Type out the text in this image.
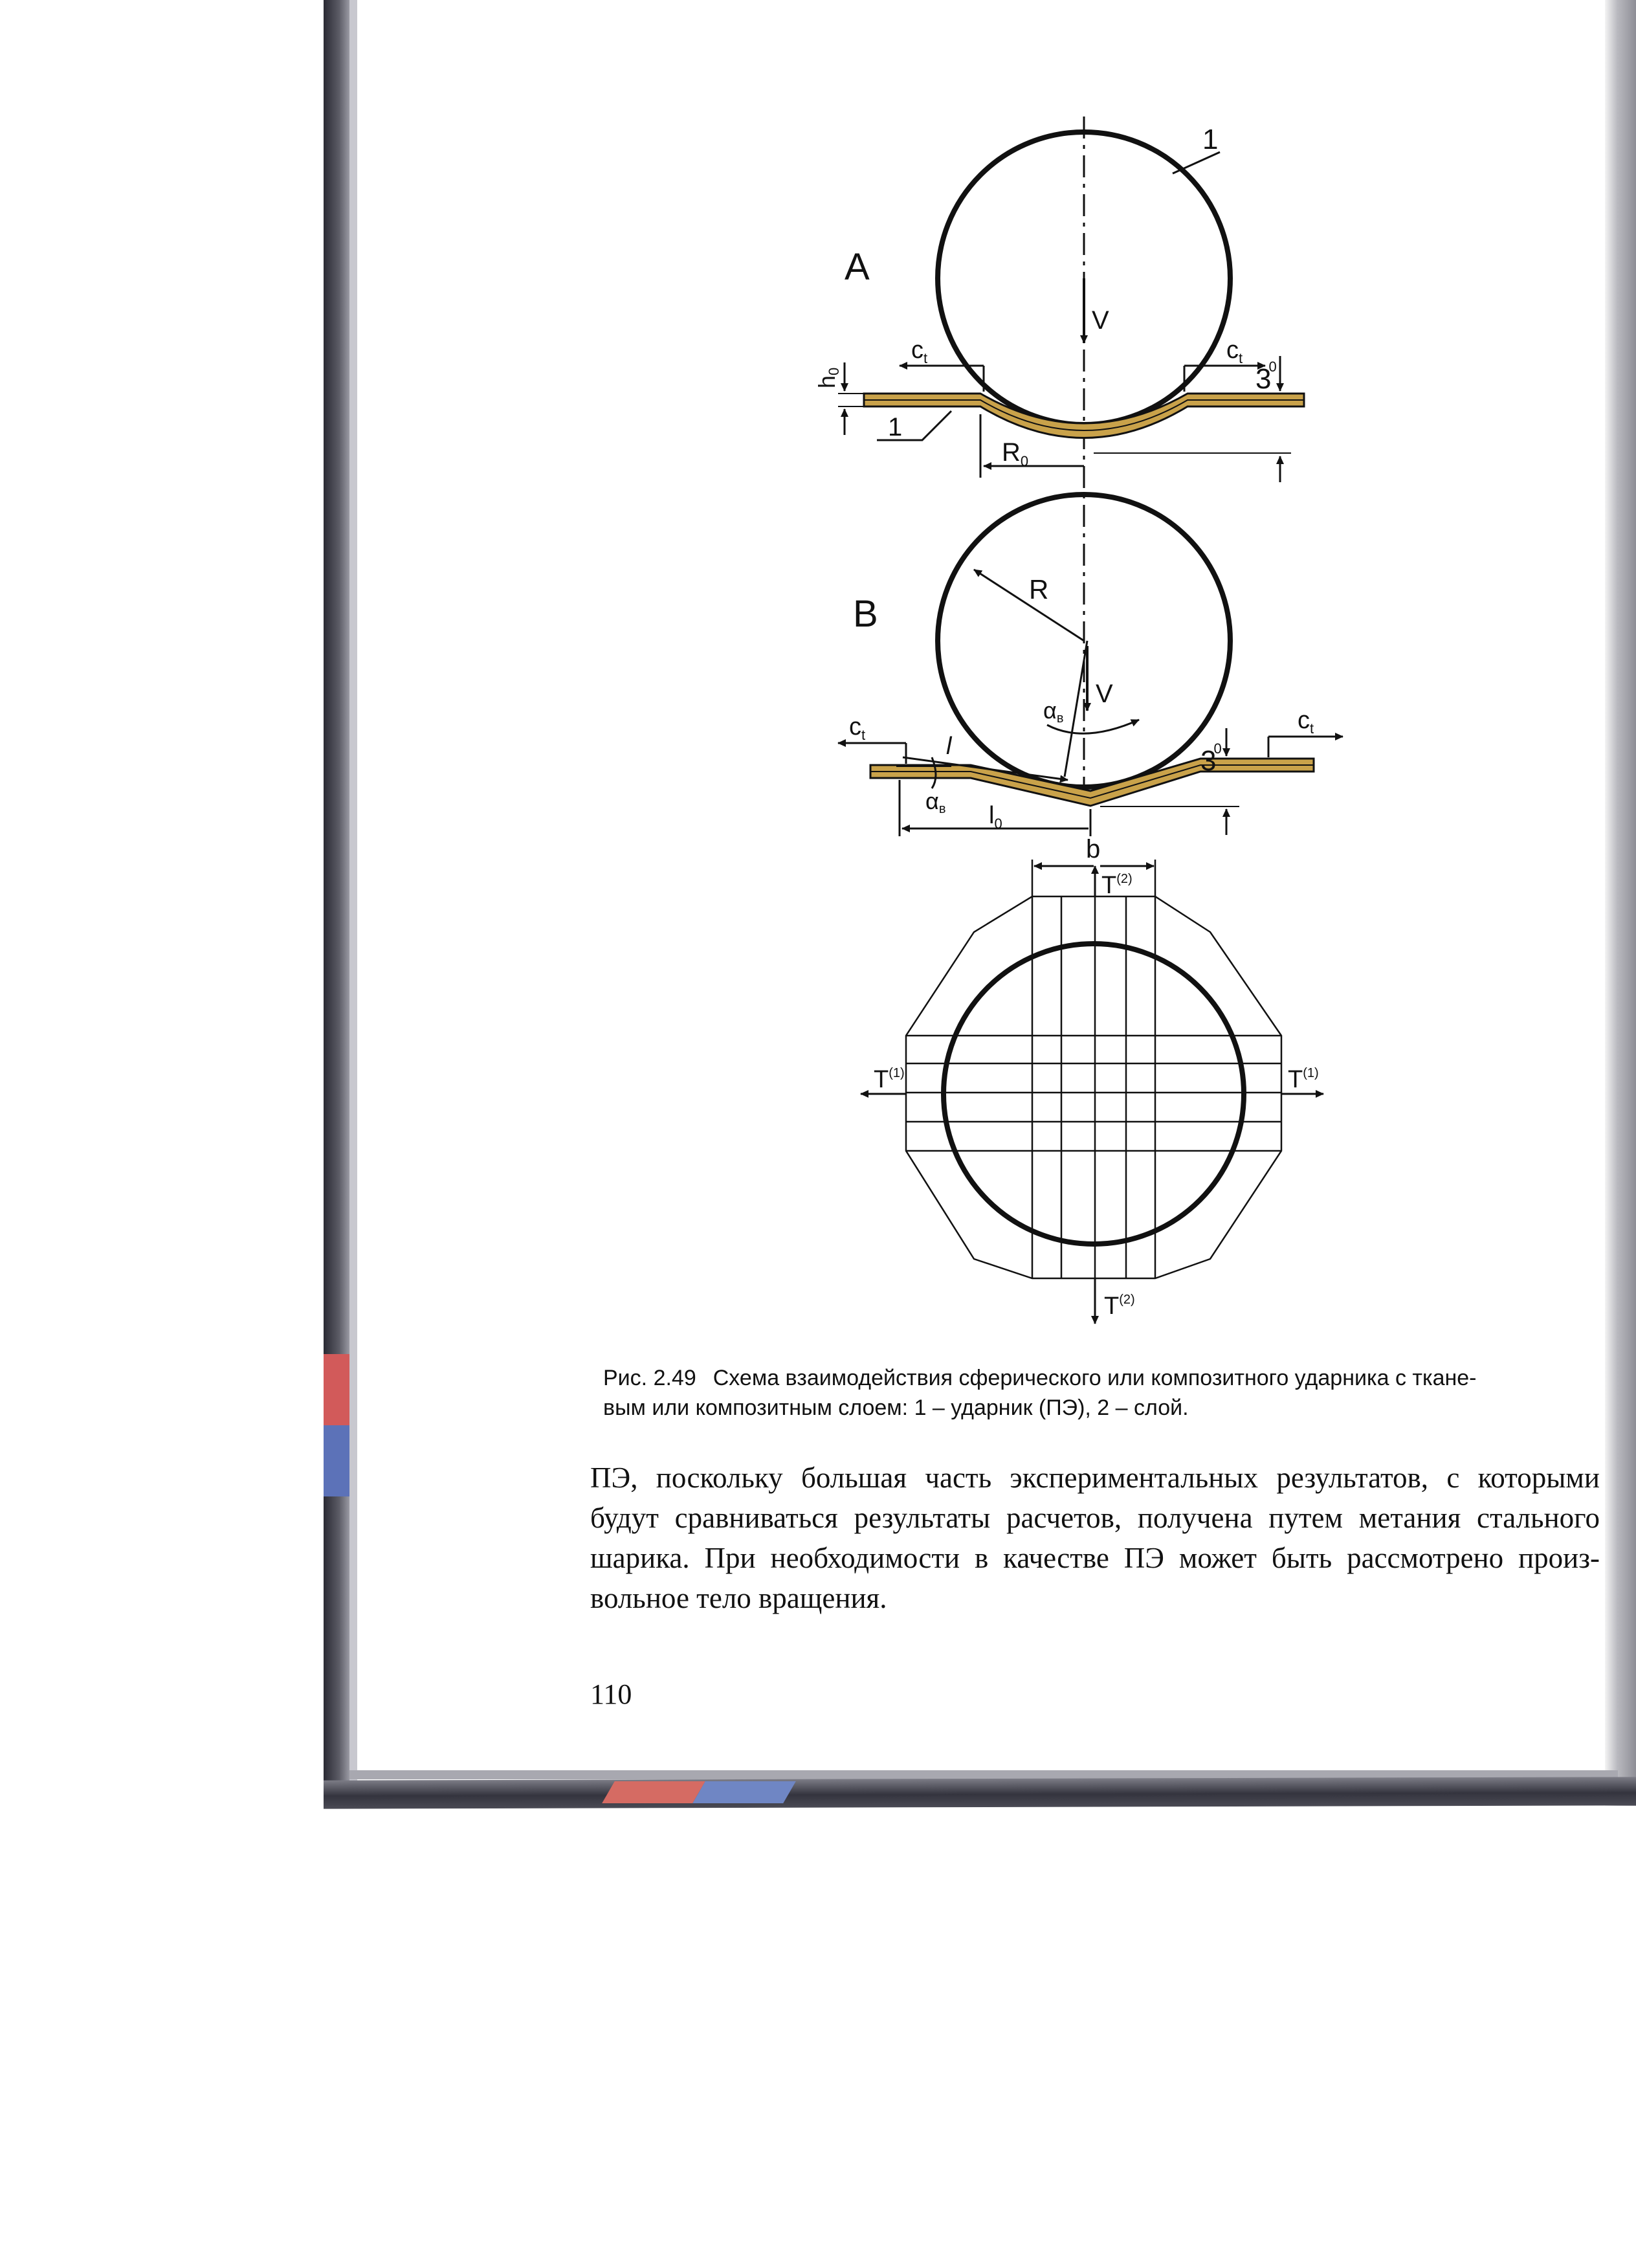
A
1
V
$c_t$	$c_t$
h0
1
$R_0$
30
B
R
V
αв
$c_t$
$c_t$
l
αв $l_0$
30
b
$T^{(2)}$
$T^{(2)}$
$T^{(1)}$	$T^{(1)}$
Рис. 2.49 Схема взаимодействия сферического или композитного ударника с ткане-
вым или композитным слоем: 1 – ударник (ПЭ), 2 – слой.
ПЭ, поскольку большая часть экспериментальных результатов, с которыми
будут сравниваться результаты расчетов, получена путем метания стального
шарика. При необходимости в качестве ПЭ может быть рассмотрено произ-
вольное тело вращения.
110
